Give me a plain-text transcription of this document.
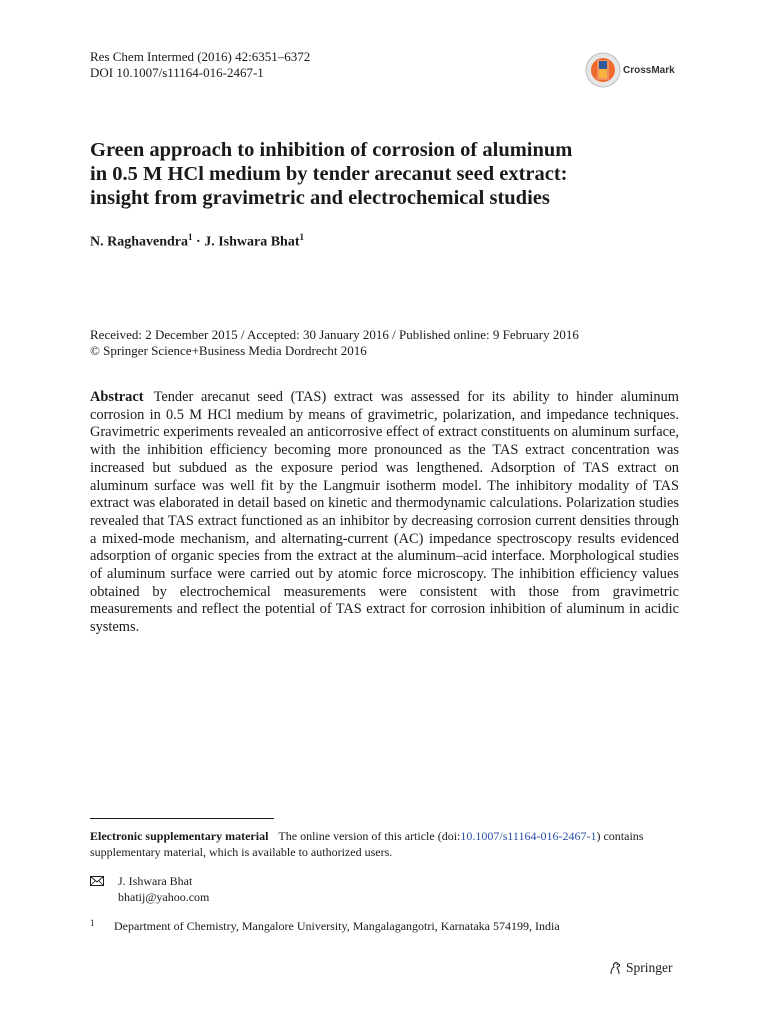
Res Chem Intermed (2016) 42:6351–6372
DOI 10.1007/s11164-016-2467-1	CrossMark
Green approach to inhibition of corrosion of aluminum
in 0.5 M HCl medium by tender arecanut seed extract:
insight from gravimetric and electrochemical studies
N. Raghavendra$^1$ · J. Ishwara Bhat$^1$
Received: 2 December 2015 / Accepted: 30 January 2016 / Published online: 9 February 2016
© Springer Science+Business Media Dordrecht 2016
Abstract Tender arecanut seed (TAS) extract was assessed for its ability to hinder aluminum corrosion in 0.5 M HCl medium by means of gravimetric, polarization, and impedance techniques. Gravimetric experiments revealed an anticorrosive effect of extract constituents on aluminum surface, with the inhibition efficiency becoming more pronounced as the TAS extract concentration was increased but subdued as the exposure period was lengthened. Adsorption of TAS extract on aluminum surface was well fit by the Langmuir isotherm model. The inhibitory modality of TAS extract was elaborated in detail based on kinetic and thermodynamic calculations. Polarization studies revealed that TAS extract functioned as an inhibitor by decreasing corrosion current densities through a mixed-mode mechanism, and alternating-current (AC) impedance spectroscopy results evidenced adsorption of organic species from the extract at the aluminum–acid interface. Morphological studies of aluminum surface were carried out by atomic force microscopy. The inhibition efficiency values obtained by electrochemical measurements were consistent with those from gravimetric measurements and reflect the potential of TAS extract for corrosion inhibition of aluminum in acidic systems.
Electronic supplementary material The online version of this article (doi:10.1007/s11164-016-2467-1) contains supplementary material, which is available to authorized users.
J. Ishwara Bhat
bhatij@yahoo.com
1	Department of Chemistry, Mangalore University, Mangalagangotri, Karnataka 574199, India
Springer
